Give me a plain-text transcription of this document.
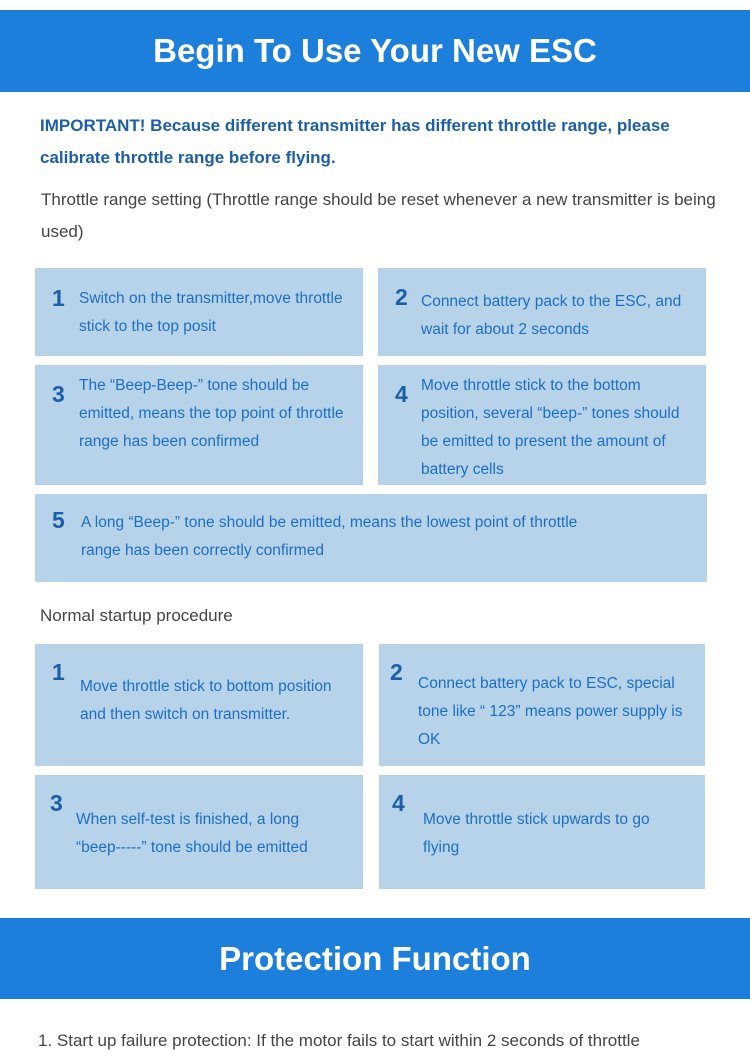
Begin To Use Your New ESC
IMPORTANT! Because different transmitter has different throttle range, please calibrate throttle range before flying.
Throttle range setting (Throttle range should be reset whenever a new transmitter is being used)
1 Switch on the transmitter,move throttle stick to the top posit
2 Connect battery pack to the ESC, and wait for about 2 seconds
3 The “Beep-Beep-” tone should be emitted, means the top point of throttle range has been confirmed
4 Move throttle stick to the bottom position, several “beep-” tones should be emitted to present the amount of battery cells
5 A long “Beep-” tone should be emitted, means the lowest point of throttle range has been correctly confirmed
Normal startup procedure
1
Move throttle stick to bottom position and then switch on transmitter.
2 Connect battery pack to ESC, special tone like “ 123” means power supply is OK
3
When self-test is finished, a long “beep-----” tone should be emitted
4
Move throttle stick upwards to go flying
Protection Function
1. Start up failure protection: If the motor fails to start within 2 seconds of throttle
